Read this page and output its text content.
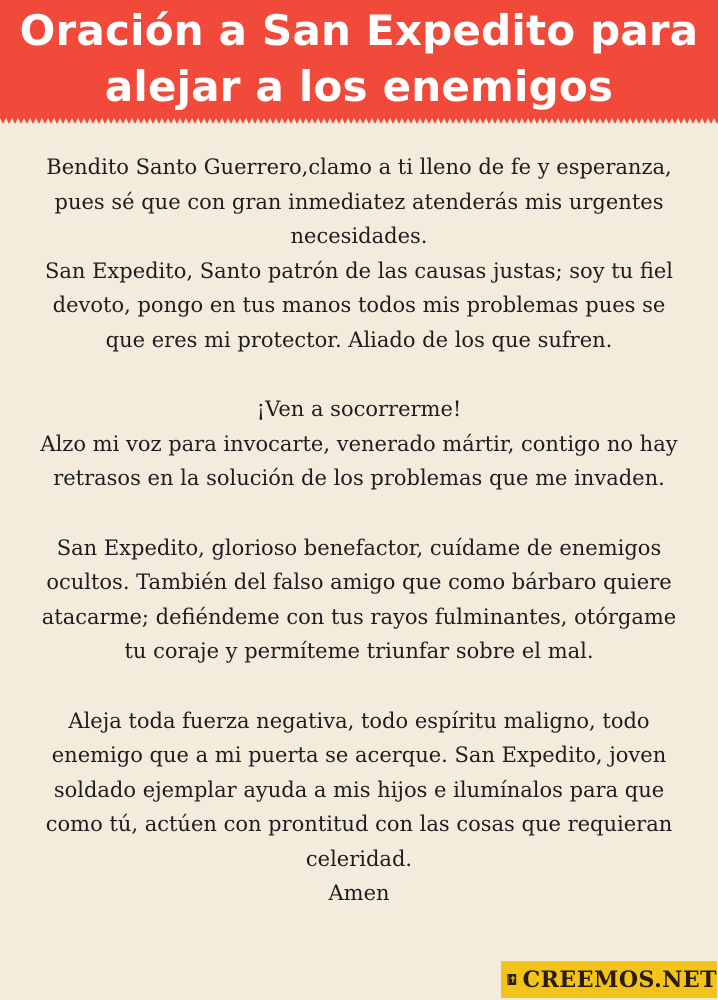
Oración a San Expedito para
alejar a los enemigos
Bendito Santo Guerrero,clamo a ti lleno de fe y esperanza,
pues sé que con gran inmediatez atenderás mis urgentes
necesidades.
San Expedito, Santo patrón de las causas justas; soy tu fiel
devoto, pongo en tus manos todos mis problemas pues se
que eres mi protector. Aliado de los que sufren.
¡Ven a socorrerme!
Alzo mi voz para invocarte, venerado mártir, contigo no hay
retrasos en la solución de los problemas que me invaden.
San Expedito, glorioso benefactor, cuídame de enemigos
ocultos. También del falso amigo que como bárbaro quiere
atacarme; defiéndeme con tus rayos fulminantes, otórgame
tu coraje y permíteme triunfar sobre el mal.
Aleja toda fuerza negativa, todo espíritu maligno, todo
enemigo que a mi puerta se acerque. San Expedito, joven
soldado ejemplar ayuda a mis hijos e ilumínalos para que
como tú, actúen con prontitud con las cosas que requieran
celeridad.
Amen
CREEMOS.NET
